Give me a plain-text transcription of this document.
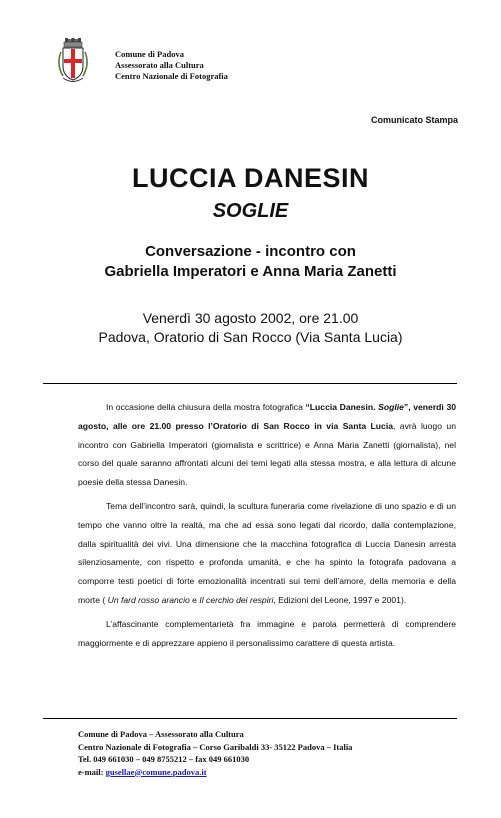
Comune di Padova
Assessorato alla Cultura
Centro Nazionale di Fotografia
Comunicato Stampa
LUCCIA DANESIN
SOGLIE
Conversazione - incontro con
Gabriella Imperatori e Anna Maria Zanetti
Venerdì 30 agosto 2002, ore 21.00
Padova, Oratorio di San Rocco (Via Santa Lucia)

In occasione della chiusura della mostra fotografica “Luccia Danesin. Soglie”, venerdì 30 agosto, alle ore 21.00 presso l’Oratorio di San Rocco in via Santa Lucia, avrà luogo un incontro con Gabriella Imperatori (giornalista e scrittrice) e Anna Maria Zanetti (giornalista), nel corso del quale saranno affrontati alcuni dei temi legati alla stessa mostra, e alla lettura di alcune poesie della stessa Danesin.

Tema dell’incontro sarà, quindi, la scultura funeraria come rivelazione di uno spazio e di un tempo che vanno oltre la realtà, ma che ad essa sono legati dal ricordo, dalla contemplazione, dalla spiritualità dei vivi. Una dimensione che la macchina fotografica di Luccia Danesin arresta silenziosamente, con rispetto e profonda umanità, e che ha spinto la fotografa padovana a comporre testi poetici di forte emozionalità incentrati sui temi dell’amore, della memoria e della morte ( Un fard rosso arancio e Il cerchio dei respiri, Edizioni del Leone, 1997 e 2001).

L’affascinante complementarietà fra immagine e parola permetterà di comprendere maggiormente e di apprezzare appieno il personalissimo carattere di questa artista.

Comune di Padova – Assessorato alla Cultura
Centro Nazionale di Fotografia – Corso Garibaldi 33- 35122 Padova – Italia
Tel. 049 661030 – 049 8755212 – fax 049 661030
e-mail: gusellae@comune.padova.it
